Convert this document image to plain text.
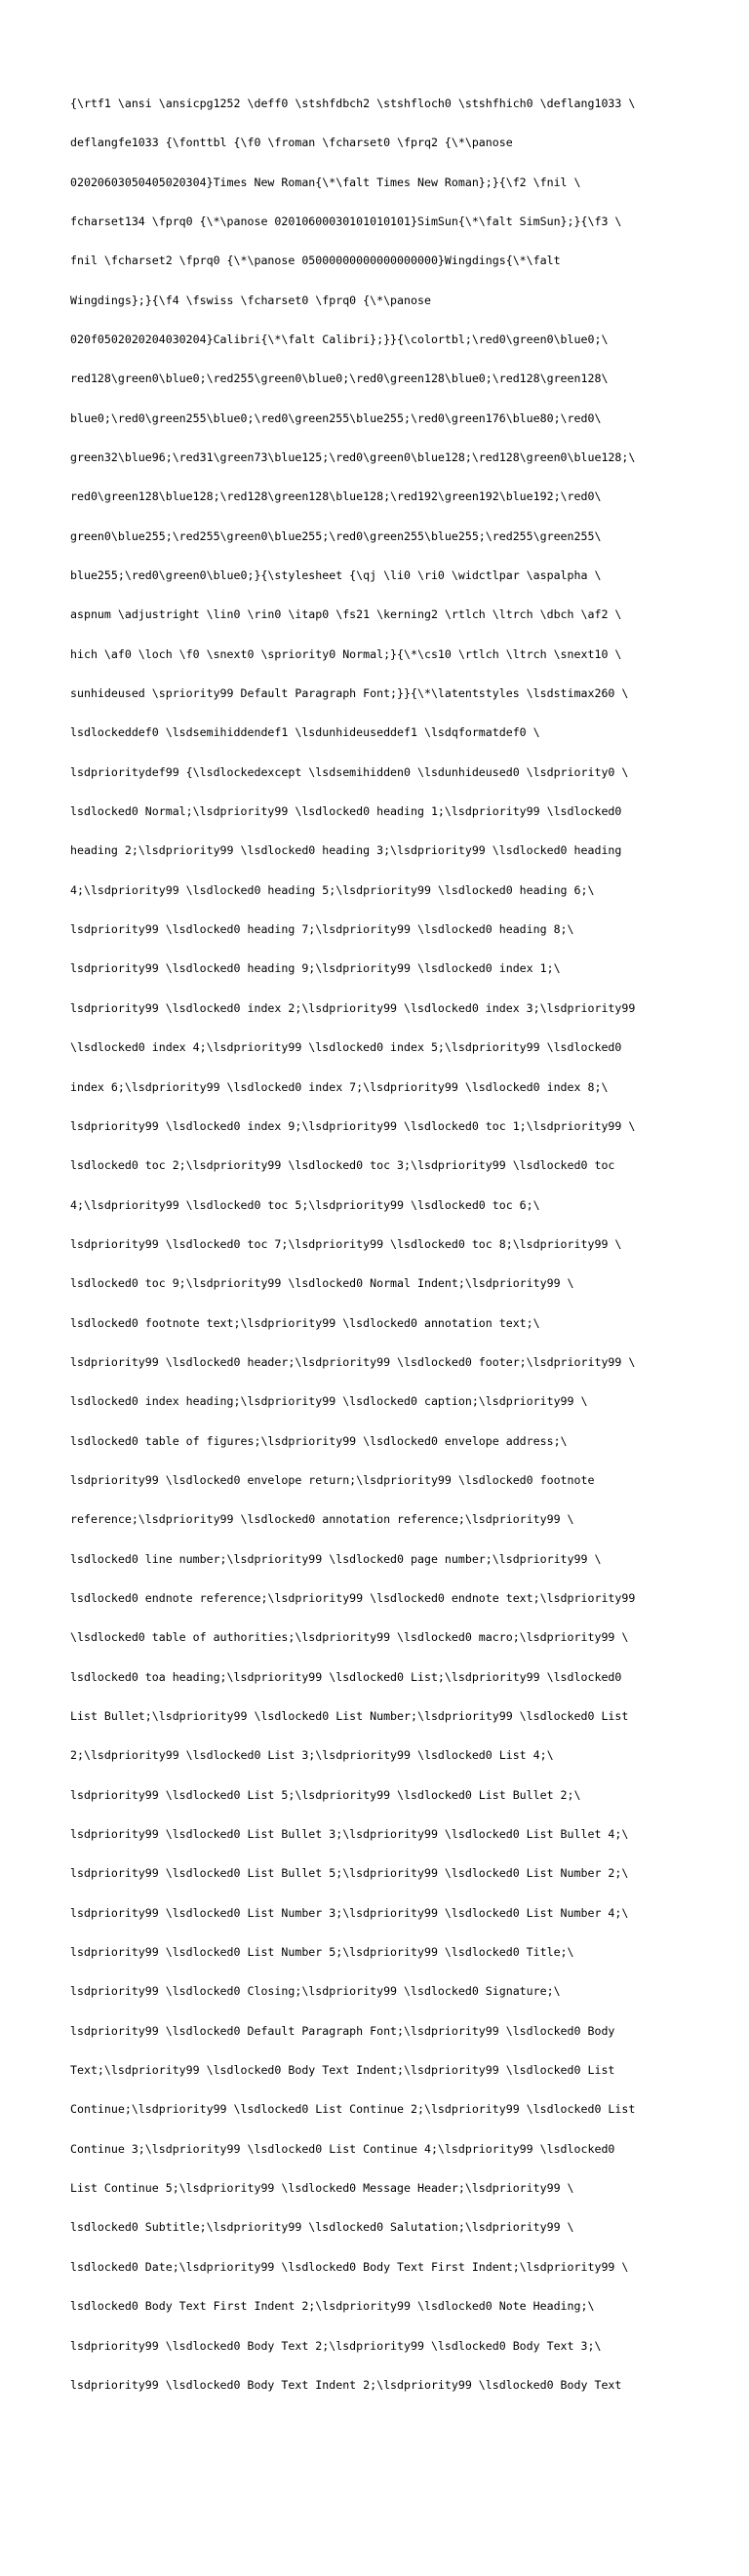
{\rtf1 \ansi \ansicpg1252 \deff0 \stshfdbch2 \stshfloch0 \stshfhich0 \deflang1033 \

deflangfe1033 {\fonttbl {\f0 \froman \fcharset0 \fprq2 {\*\panose

02020603050405020304}Times New Roman{\*\falt Times New Roman};}{\f2 \fnil \

fcharset134 \fprq0 {\*\panose 02010600030101010101}SimSun{\*\falt SimSun};}{\f3 \

fnil \fcharset2 \fprq0 {\*\panose 05000000000000000000}Wingdings{\*\falt

Wingdings};}{\f4 \fswiss \fcharset0 \fprq0 {\*\panose

020f0502020204030204}Calibri{\*\falt Calibri};}}{\colortbl;\red0\green0\blue0;\

red128\green0\blue0;\red255\green0\blue0;\red0\green128\blue0;\red128\green128\

blue0;\red0\green255\blue0;\red0\green255\blue255;\red0\green176\blue80;\red0\

green32\blue96;\red31\green73\blue125;\red0\green0\blue128;\red128\green0\blue128;\

red0\green128\blue128;\red128\green128\blue128;\red192\green192\blue192;\red0\

green0\blue255;\red255\green0\blue255;\red0\green255\blue255;\red255\green255\

blue255;\red0\green0\blue0;}{\stylesheet {\qj \li0 \ri0 \widctlpar \aspalpha \

aspnum \adjustright \lin0 \rin0 \itap0 \fs21 \kerning2 \rtlch \ltrch \dbch \af2 \

hich \af0 \loch \f0 \snext0 \spriority0 Normal;}{\*\cs10 \rtlch \ltrch \snext10 \

sunhideused \spriority99 Default Paragraph Font;}}{\*\latentstyles \lsdstimax260 \

lsdlockeddef0 \lsdsemihiddendef1 \lsdunhideuseddef1 \lsdqformatdef0 \

lsdprioritydef99 {\lsdlockedexcept \lsdsemihidden0 \lsdunhideused0 \lsdpriority0 \

lsdlocked0 Normal;\lsdpriority99 \lsdlocked0 heading 1;\lsdpriority99 \lsdlocked0

heading 2;\lsdpriority99 \lsdlocked0 heading 3;\lsdpriority99 \lsdlocked0 heading

4;\lsdpriority99 \lsdlocked0 heading 5;\lsdpriority99 \lsdlocked0 heading 6;\

lsdpriority99 \lsdlocked0 heading 7;\lsdpriority99 \lsdlocked0 heading 8;\

lsdpriority99 \lsdlocked0 heading 9;\lsdpriority99 \lsdlocked0 index 1;\

lsdpriority99 \lsdlocked0 index 2;\lsdpriority99 \lsdlocked0 index 3;\lsdpriority99

\lsdlocked0 index 4;\lsdpriority99 \lsdlocked0 index 5;\lsdpriority99 \lsdlocked0

index 6;\lsdpriority99 \lsdlocked0 index 7;\lsdpriority99 \lsdlocked0 index 8;\

lsdpriority99 \lsdlocked0 index 9;\lsdpriority99 \lsdlocked0 toc 1;\lsdpriority99 \

lsdlocked0 toc 2;\lsdpriority99 \lsdlocked0 toc 3;\lsdpriority99 \lsdlocked0 toc

4;\lsdpriority99 \lsdlocked0 toc 5;\lsdpriority99 \lsdlocked0 toc 6;\

lsdpriority99 \lsdlocked0 toc 7;\lsdpriority99 \lsdlocked0 toc 8;\lsdpriority99 \

lsdlocked0 toc 9;\lsdpriority99 \lsdlocked0 Normal Indent;\lsdpriority99 \

lsdlocked0 footnote text;\lsdpriority99 \lsdlocked0 annotation text;\

lsdpriority99 \lsdlocked0 header;\lsdpriority99 \lsdlocked0 footer;\lsdpriority99 \

lsdlocked0 index heading;\lsdpriority99 \lsdlocked0 caption;\lsdpriority99 \

lsdlocked0 table of figures;\lsdpriority99 \lsdlocked0 envelope address;\

lsdpriority99 \lsdlocked0 envelope return;\lsdpriority99 \lsdlocked0 footnote

reference;\lsdpriority99 \lsdlocked0 annotation reference;\lsdpriority99 \

lsdlocked0 line number;\lsdpriority99 \lsdlocked0 page number;\lsdpriority99 \

lsdlocked0 endnote reference;\lsdpriority99 \lsdlocked0 endnote text;\lsdpriority99

\lsdlocked0 table of authorities;\lsdpriority99 \lsdlocked0 macro;\lsdpriority99 \

lsdlocked0 toa heading;\lsdpriority99 \lsdlocked0 List;\lsdpriority99 \lsdlocked0

List Bullet;\lsdpriority99 \lsdlocked0 List Number;\lsdpriority99 \lsdlocked0 List

2;\lsdpriority99 \lsdlocked0 List 3;\lsdpriority99 \lsdlocked0 List 4;\

lsdpriority99 \lsdlocked0 List 5;\lsdpriority99 \lsdlocked0 List Bullet 2;\

lsdpriority99 \lsdlocked0 List Bullet 3;\lsdpriority99 \lsdlocked0 List Bullet 4;\

lsdpriority99 \lsdlocked0 List Bullet 5;\lsdpriority99 \lsdlocked0 List Number 2;\

lsdpriority99 \lsdlocked0 List Number 3;\lsdpriority99 \lsdlocked0 List Number 4;\

lsdpriority99 \lsdlocked0 List Number 5;\lsdpriority99 \lsdlocked0 Title;\

lsdpriority99 \lsdlocked0 Closing;\lsdpriority99 \lsdlocked0 Signature;\

lsdpriority99 \lsdlocked0 Default Paragraph Font;\lsdpriority99 \lsdlocked0 Body

Text;\lsdpriority99 \lsdlocked0 Body Text Indent;\lsdpriority99 \lsdlocked0 List

Continue;\lsdpriority99 \lsdlocked0 List Continue 2;\lsdpriority99 \lsdlocked0 List

Continue 3;\lsdpriority99 \lsdlocked0 List Continue 4;\lsdpriority99 \lsdlocked0

List Continue 5;\lsdpriority99 \lsdlocked0 Message Header;\lsdpriority99 \

lsdlocked0 Subtitle;\lsdpriority99 \lsdlocked0 Salutation;\lsdpriority99 \

lsdlocked0 Date;\lsdpriority99 \lsdlocked0 Body Text First Indent;\lsdpriority99 \

lsdlocked0 Body Text First Indent 2;\lsdpriority99 \lsdlocked0 Note Heading;\

lsdpriority99 \lsdlocked0 Body Text 2;\lsdpriority99 \lsdlocked0 Body Text 3;\

lsdpriority99 \lsdlocked0 Body Text Indent 2;\lsdpriority99 \lsdlocked0 Body Text
